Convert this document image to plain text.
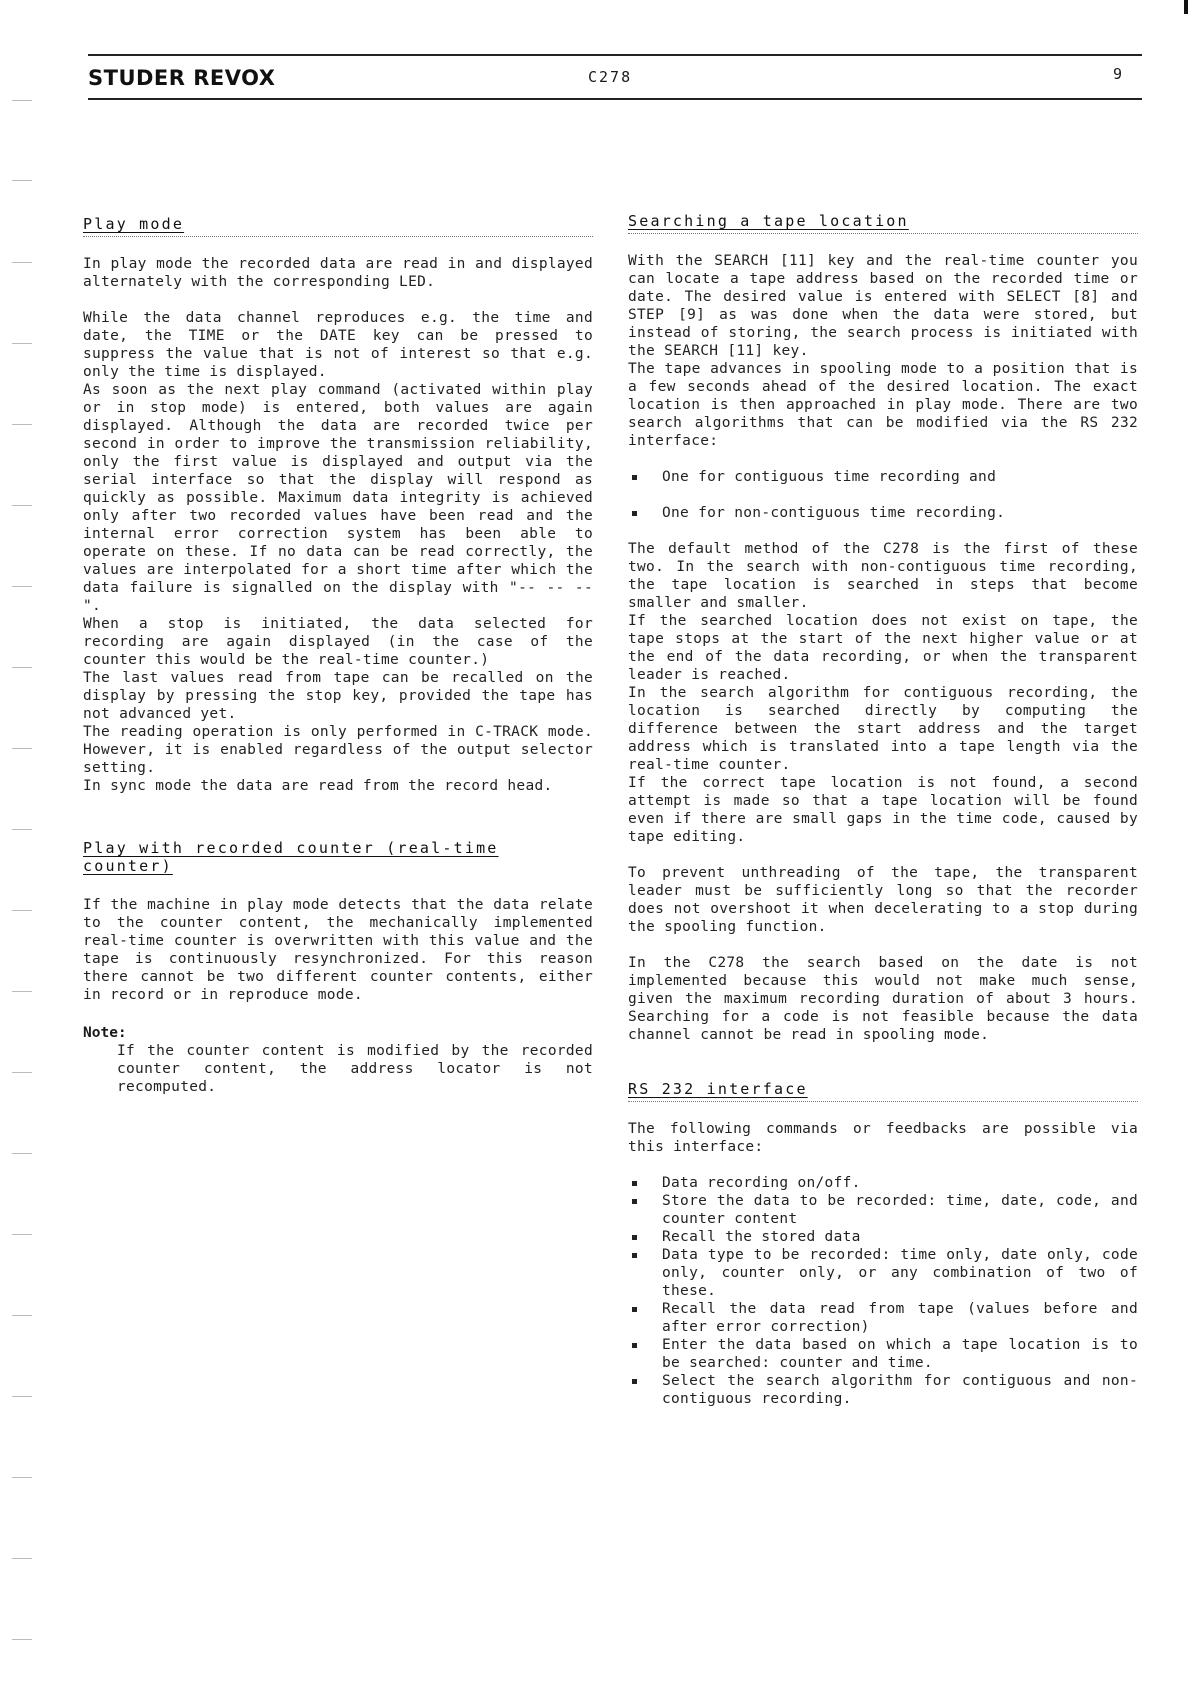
STUDER REVOX	C278	9
Play mode

In play mode the recorded data are read in and displayed alternately with the corresponding LED.

While the data channel reproduces e.g. the time and date, the TIME or the DATE key can be pressed to suppress the value that is not of interest so that e.g. only the time is displayed.
As soon as the next play command (activated within play or in stop mode) is entered, both values are again displayed. Although the data are recorded twice per second in order to improve the transmission reliability, only the first value is displayed and output via the serial interface so that the display will respond as quickly as possible. Maximum data integrity is achieved only after two recorded values have been read and the internal error correction system has been able to operate on these. If no data can be read correctly, the values are interpolated for a short time after which the data failure is signalled on the display with "-- -- --".
When a stop is initiated, the data selected for recording are again displayed (in the case of the counter this would be the real-time counter.)
The last values read from tape can be recalled on the display by pressing the stop key, provided the tape has not advanced yet.
The reading operation is only performed in C-TRACK mode. However, it is enabled regardless of the output selector setting.
In sync mode the data are read from the record head.

Play with recorded counter (real-time counter)

If the machine in play mode detects that the data relate to the counter content, the mechanically implemented real-time counter is overwritten with this value and the tape is continuously resynchronized. For this reason there cannot be two different counter contents, either in record or in reproduce mode.

Note:
If the counter content is modified by the recorded counter content, the address locator is not recomputed.
Searching a tape location

With the SEARCH [11] key and the real-time counter you can locate a tape address based on the recorded time or date. The desired value is entered with SELECT [8] and STEP [9] as was done when the data were stored, but instead of storing, the search process is initiated with the SEARCH [11] key.
The tape advances in spooling mode to a position that is a few seconds ahead of the desired location. The exact location is then approached in play mode. There are two search algorithms that can be modified via the RS 232 interface:

One for contiguous time recording and
One for non-contiguous time recording.

The default method of the C278 is the first of these two. In the search with non-contiguous time recording, the tape location is searched in steps that become smaller and smaller.
If the searched location does not exist on tape, the tape stops at the start of the next higher value or at the end of the data recording, or when the transparent leader is reached.
In the search algorithm for contiguous recording, the location is searched directly by computing the difference between the start address and the target address which is translated into a tape length via the real-time counter.
If the correct tape location is not found, a second attempt is made so that a tape location will be found even if there are small gaps in the time code, caused by tape editing.

To prevent unthreading of the tape, the transparent leader must be sufficiently long so that the recorder does not overshoot it when decelerating to a stop during the spooling function.

In the C278 the search based on the date is not implemented because this would not make much sense, given the maximum recording duration of about 3 hours. Searching for a code is not feasible because the data channel cannot be read in spooling mode.

RS 232 interface

The following commands or feedbacks are possible via this interface:

Data recording on/off.
Store the data to be recorded: time, date, code, and counter content
Recall the stored data
Data type to be recorded: time only, date only, code only, counter only, or any combination of two of these.
Recall the data read from tape (values before and after error correction)
Enter the data based on which a tape location is to be searched: counter and time.
Select the search algorithm for contiguous and non-contiguous recording.
